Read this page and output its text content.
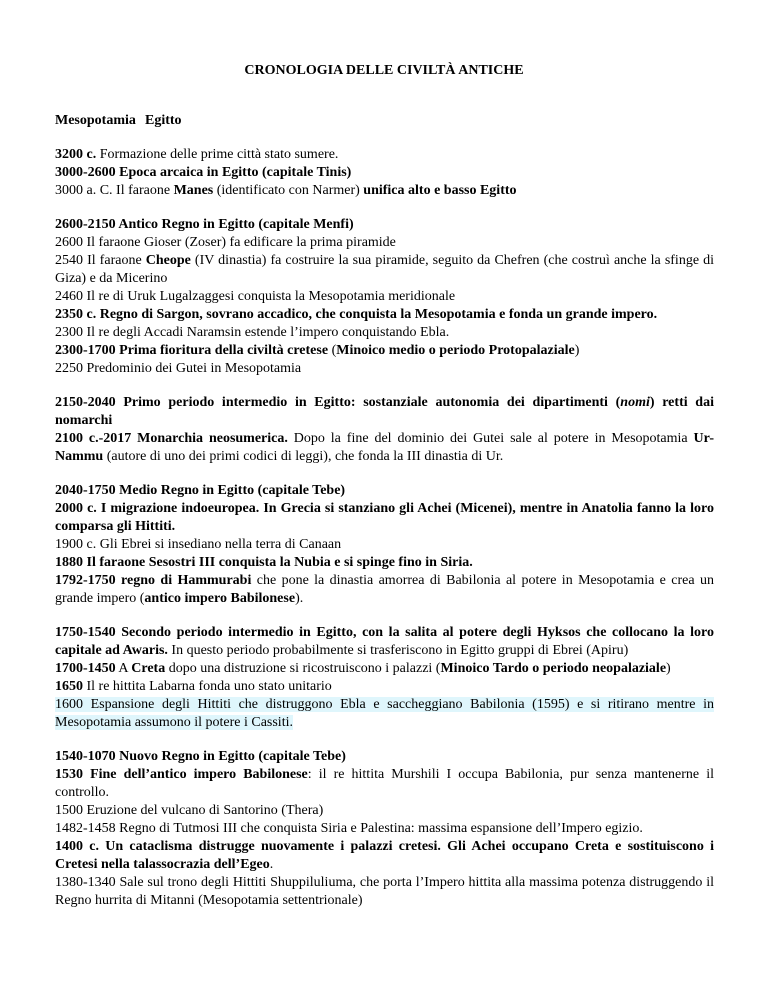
CRONOLOGIA DELLE CIVILTÀ ANTICHE
Mesopotamia Egitto

3200 c. Formazione delle prime città stato sumere.

3000-2600 Epoca arcaica in Egitto (capitale Tinis)

3000 a. C. Il faraone Manes (identificato con Narmer) unifica alto e basso Egitto

2600-2150 Antico Regno in Egitto (capitale Menfi)

2600 Il faraone Gioser (Zoser) fa edificare la prima piramide

2540 Il faraone Cheope (IV dinastia) fa costruire la sua piramide, seguito da Chefren (che costruì anche la sfinge di Giza) e da Micerino

2460 Il re di Uruk Lugalzaggesi conquista la Mesopotamia meridionale

2350 c. Regno di Sargon, sovrano accadico, che conquista la Mesopotamia e fonda un grande impero.

2300 Il re degli Accadi Naramsin estende l’impero conquistando Ebla.

2300-1700 Prima fioritura della civiltà cretese (Minoico medio o periodo Protopalaziale)

2250 Predominio dei Gutei in Mesopotamia

2150-2040 Primo periodo intermedio in Egitto: sostanziale autonomia dei dipartimenti (nomi) retti dai nomarchi

2100 c.-2017 Monarchia neosumerica. Dopo la fine del dominio dei Gutei sale al potere in Mesopotamia Ur-Nammu (autore di uno dei primi codici di leggi), che fonda la III dinastia di Ur.

2040-1750 Medio Regno in Egitto (capitale Tebe)

2000 c. I migrazione indoeuropea. In Grecia si stanziano gli Achei (Micenei), mentre in Anatolia fanno la loro comparsa gli Hittiti.

1900 c. Gli Ebrei si insediano nella terra di Canaan

1880 Il faraone Sesostri III conquista la Nubia e si spinge fino in Siria.

1792-1750 regno di Hammurabi che pone la dinastia amorrea di Babilonia al potere in Mesopotamia e crea un grande impero (antico impero Babilonese).

1750-1540 Secondo periodo intermedio in Egitto, con la salita al potere degli Hyksos che collocano la loro capitale ad Awaris. In questo periodo probabilmente si trasferiscono in Egitto gruppi di Ebrei (Apiru)

1700-1450 A Creta dopo una distruzione si ricostruiscono i palazzi (Minoico Tardo o periodo neopalaziale)

1650 Il re hittita Labarna fonda uno stato unitario

1600 Espansione degli Hittiti che distruggono Ebla e saccheggiano Babilonia (1595) e si ritirano mentre in Mesopotamia assumono il potere i Cassiti.

1540-1070 Nuovo Regno in Egitto (capitale Tebe)

1530 Fine dell’antico impero Babilonese: il re hittita Murshili I occupa Babilonia, pur senza mantenerne il controllo.

1500 Eruzione del vulcano di Santorino (Thera)

1482-1458 Regno di Tutmosi III che conquista Siria e Palestina: massima espansione dell’Impero egizio.

1400 c. Un cataclisma distrugge nuovamente i palazzi cretesi. Gli Achei occupano Creta e sostituiscono i Cretesi nella talassocrazia dell’Egeo.

1380-1340 Sale sul trono degli Hittiti Shuppiluliuma, che porta l’Impero hittita alla massima potenza distruggendo il Regno hurrita di Mitanni (Mesopotamia settentrionale)
